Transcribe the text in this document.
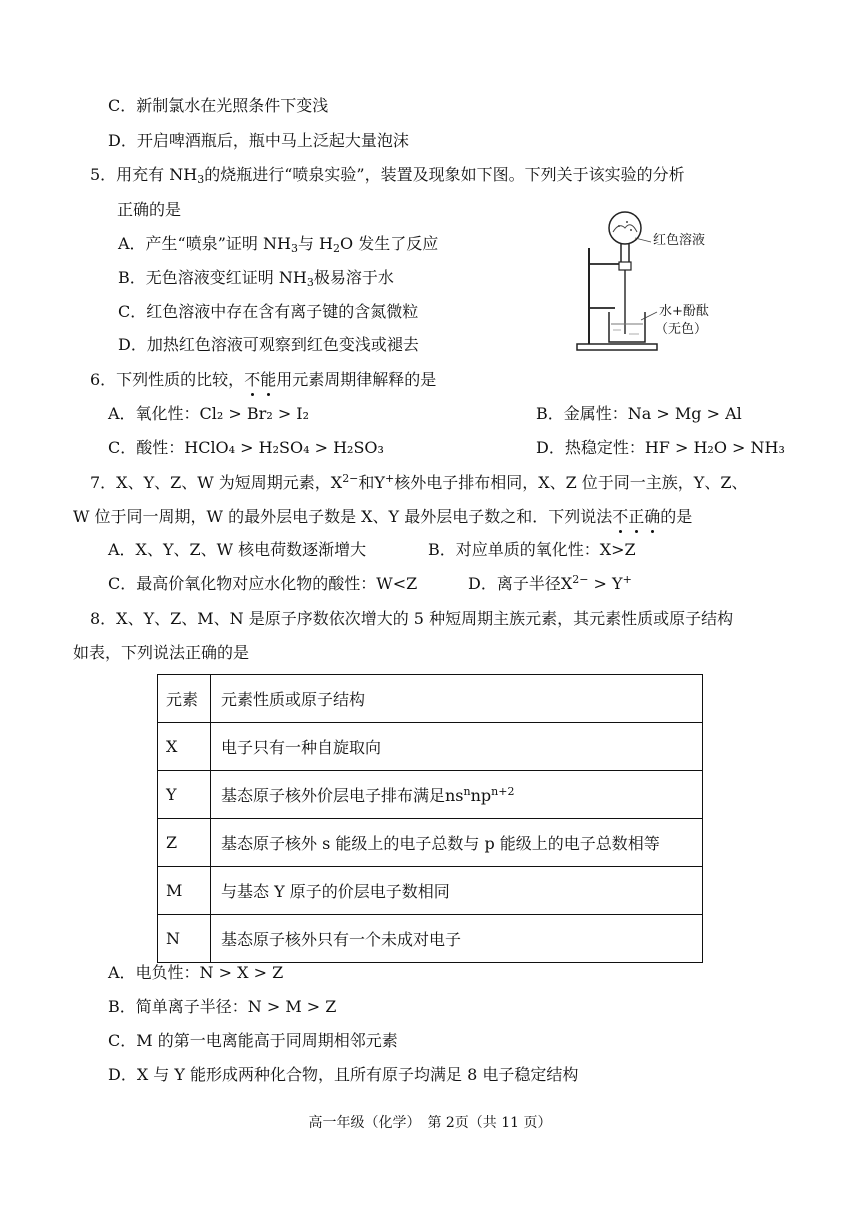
C．新制氯水在光照条件下变浅
D．开启啤酒瓶后，瓶中马上泛起大量泡沫
5．用充有 $NH_3$的烧瓶进行“喷泉实验”，装置及现象如下图。下列关于该实验的分析
正确的是
A．产生“喷泉”证明 $NH_3$与 $H_2O$ 发生了反应
B．无色溶液变红证明 $NH_3$极易溶于水
C．红色溶液中存在含有离子键的含氮微粒
D．加热红色溶液可观察到红色变浅或褪去
红色溶液
水+酚酞
（无色）
6．下列性质的比较，不能用元素周期律解释的是
A．氧化性：Cl₂ > Br₂ > I₂	B．金属性：Na > Mg > Al
C．酸性：HClO₄ > H₂SO₄ > H₂SO₃	D．热稳定性：HF > H₂O > NH₃
7．X、Y、Z、W 为短周期元素，$X^{2-}$和Y+核外电子排布相同，X、Z 位于同一主族，Y、Z、
W 位于同一周期，W 的最外层电子数是 X、Y 最外层电子数之和．下列说法不正确的是
A．X、Y、Z、W 核电荷数逐渐增大	B．对应单质的氧化性：X>Z
C．最高价氧化物对应水化物的酸性：W<Z	D．离子半径$X^{2-} > Y^+$
8．X、Y、Z、M、N 是原子序数依次增大的 5 种短周期主族元素，其元素性质或原子结构
如表，下列说法正确的是
元素	元素性质或原子结构
X	电子只有一种自旋取向
Y	基态原子核外价层电子排布满足$ns^nnp^{n+2}$
Z	基态原子核外 s 能级上的电子总数与 p 能级上的电子总数相等
M	与基态 Y 原子的价层电子数相同
N	基态原子核外只有一个未成对电子
A．电负性：N > X > Z
B．简单离子半径：N > M > Z
C．M 的第一电离能高于同周期相邻元素
D．X 与 Y 能形成两种化合物，且所有原子均满足 8 电子稳定结构
高一年级（化学）　第 2页（共 11 页）
